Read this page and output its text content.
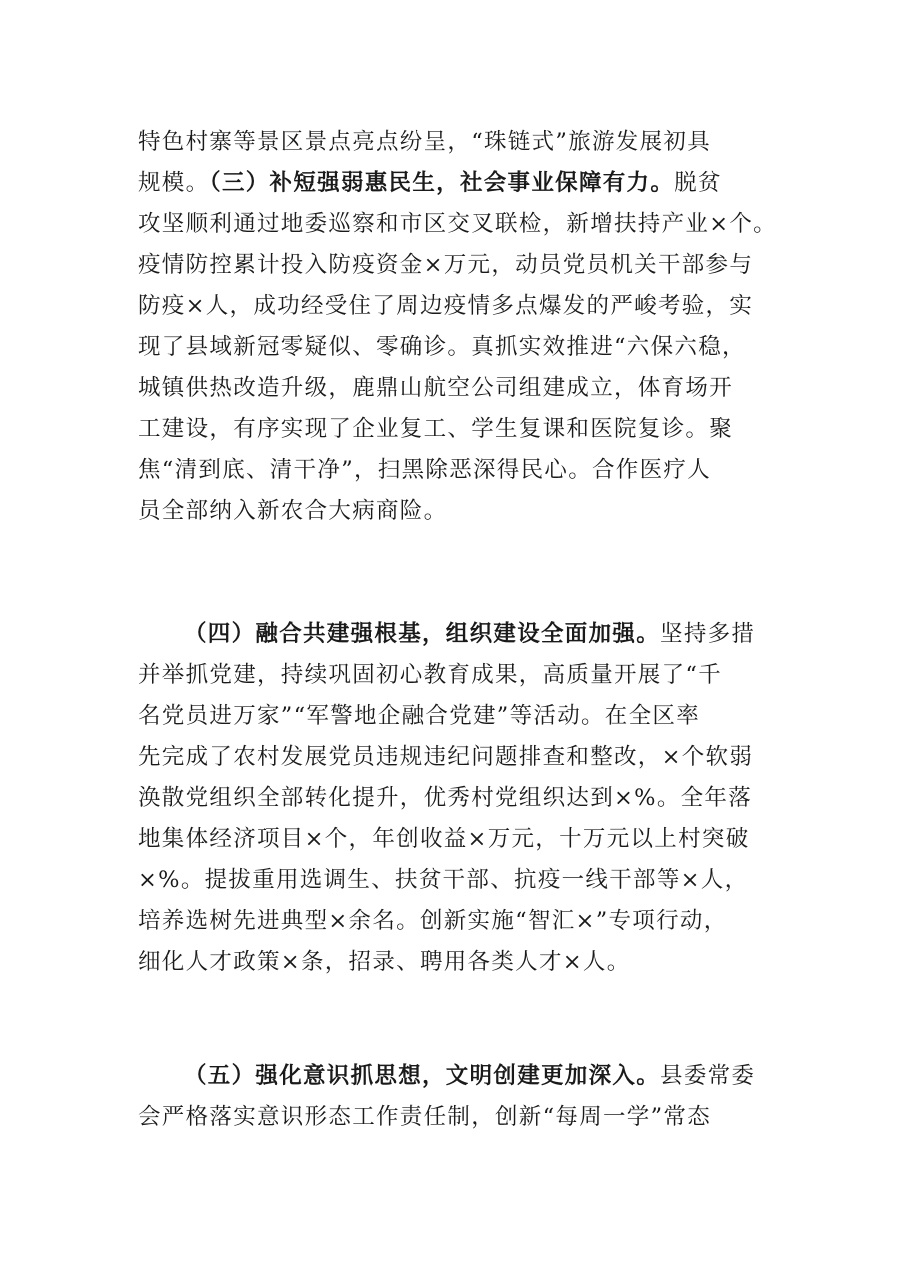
特色村寨等景区景点亮点纷呈，“珠链式”旅游发展初具
规模。（三）补短强弱惠民生，社会事业保障有力。脱贫
攻坚顺利通过地委巡察和市区交叉联检，新增扶持产业×个。
疫情防控累计投入防疫资金×万元，动员党员机关干部参与
防疫×人，成功经受住了周边疫情多点爆发的严峻考验，实
现了县域新冠零疑似、零确诊。真抓实效推进“六保六稳，
城镇供热改造升级，鹿鼎山航空公司组建成立，体育场开
工建设，有序实现了企业复工、学生复课和医院复诊。聚
焦“清到底、清干净”，扫黑除恶深得民心。合作医疗人
员全部纳入新农合大病商险。
（四）融合共建强根基，组织建设全面加强。坚持多措
并举抓党建，持续巩固初心教育成果，高质量开展了“千
名党员进万家”“军警地企融合党建”等活动。在全区率
先完成了农村发展党员违规违纪问题排查和整改，×个软弱
涣散党组织全部转化提升，优秀村党组织达到×%。全年落
地集体经济项目×个，年创收益×万元，十万元以上村突破
×%。提拔重用选调生、扶贫干部、抗疫一线干部等×人，
培养选树先进典型×余名。创新实施“智汇×”专项行动，
细化人才政策×条，招录、聘用各类人才×人。
（五）强化意识抓思想，文明创建更加深入。县委常委
会严格落实意识形态工作责任制，创新“每周一学”常态
